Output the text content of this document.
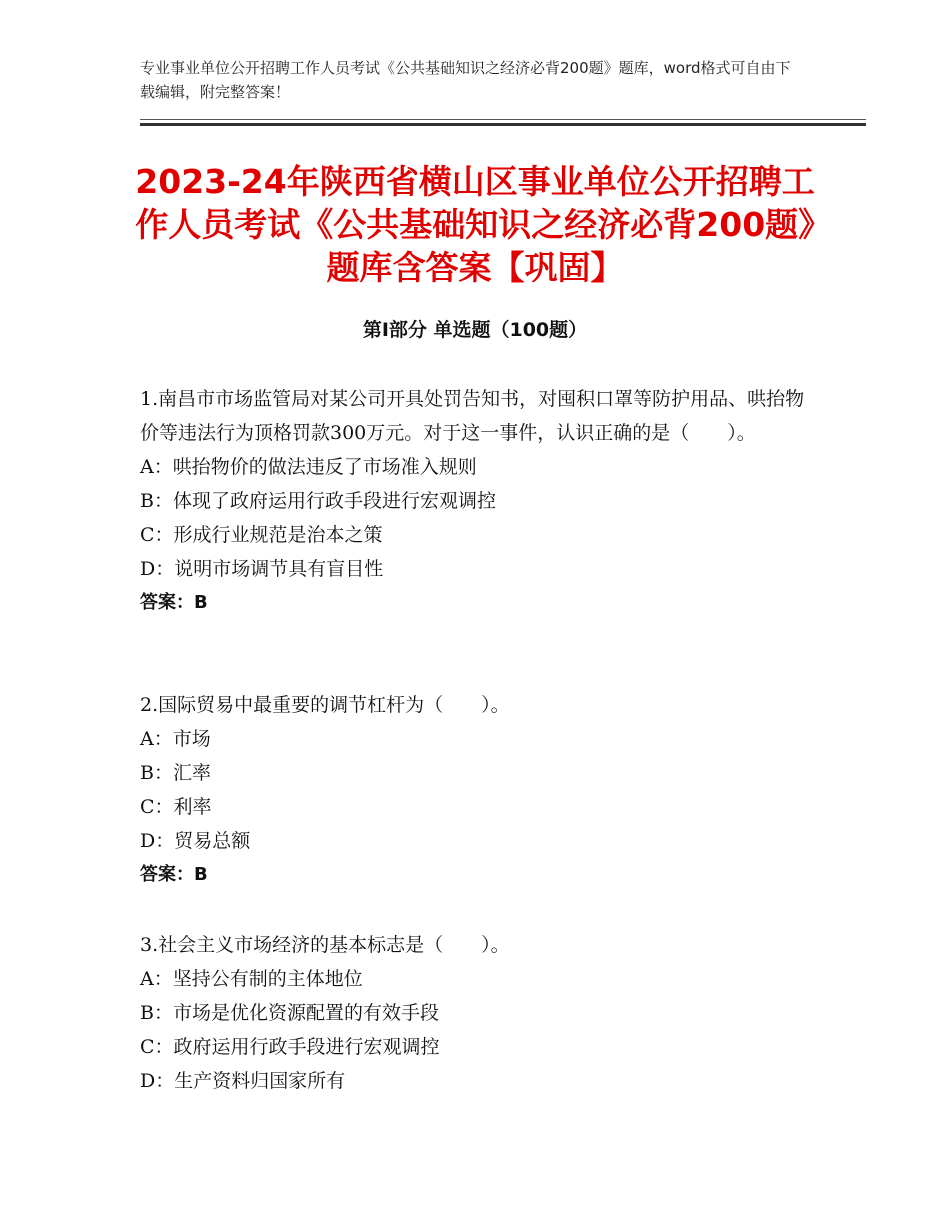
专业事业单位公开招聘工作人员考试《公共基础知识之经济必背200题》题库，word格式可自由下载编辑，附完整答案！
2023-24年陕西省横山区事业单位公开招聘工作人员考试《公共基础知识之经济必背200题》题库含答案【巩固】
第I部分 单选题（100题）

1.南昌市市场监管局对某公司开具处罚告知书，对囤积口罩等防护用品、哄抬物价等违法行为顶格罚款300万元。对于这一事件，认识正确的是（　　）。

A：哄抬物价的做法违反了市场准入规则

B：体现了政府运用行政手段进行宏观调控

C：形成行业规范是治本之策

D：说明市场调节具有盲目性

答案：B

2.国际贸易中最重要的调节杠杆为（　　）。

A：市场

B：汇率

C：利率

D：贸易总额

答案：B

3.社会主义市场经济的基本标志是（　　）。

A：坚持公有制的主体地位

B：市场是优化资源配置的有效手段

C：政府运用行政手段进行宏观调控

D：生产资料归国家所有
